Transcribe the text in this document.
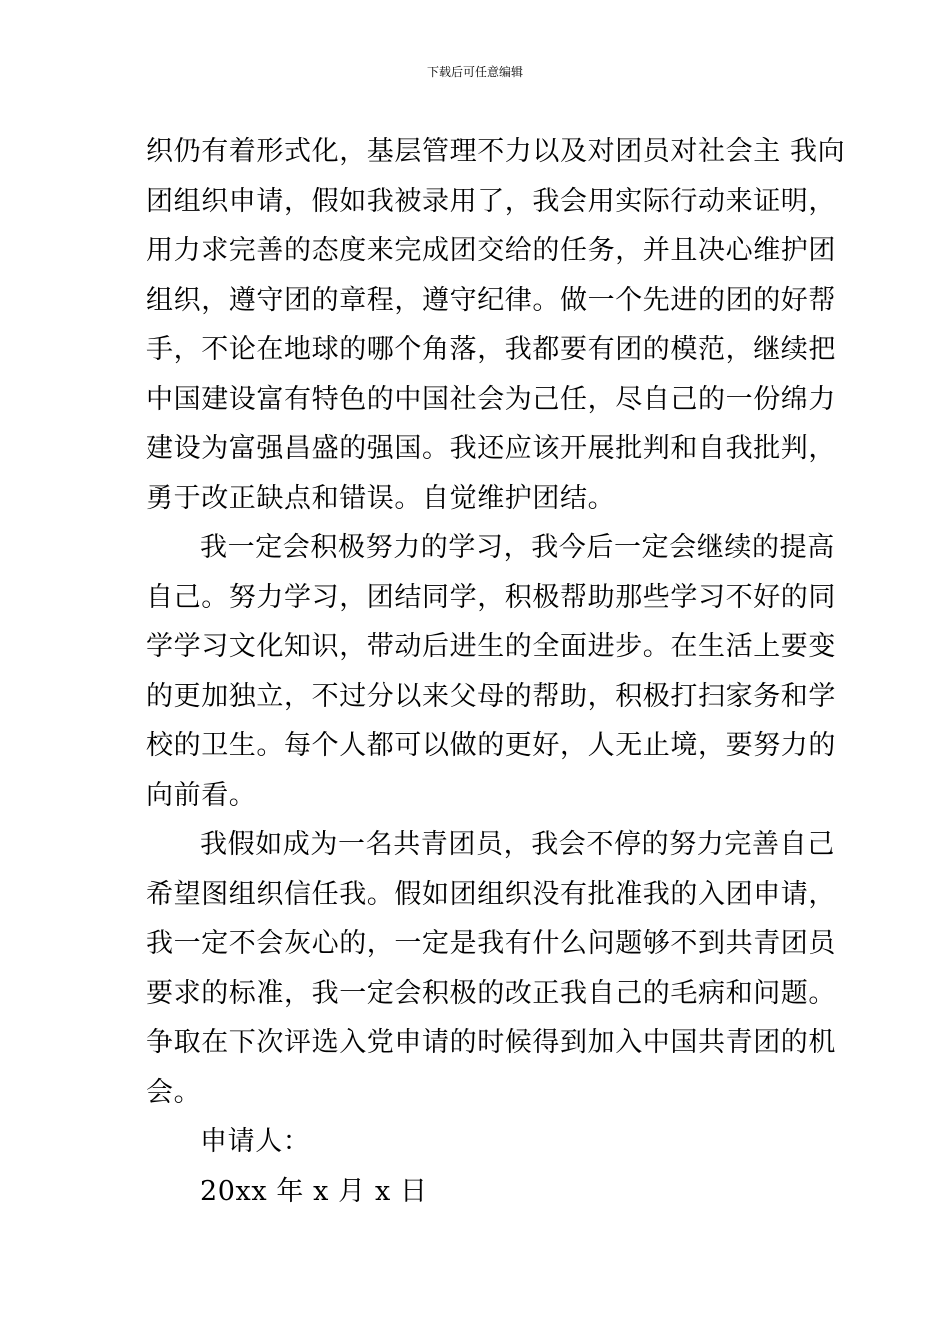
下载后可任意编辑
织仍有着形式化，基层管理不力以及对团员对社会主 我向
团组织申请，假如我被录用了，我会用实际行动来证明，
用力求完善的态度来完成团交给的任务，并且决心维护团
组织，遵守团的章程，遵守纪律。做一个先进的团的好帮
手，不论在地球的哪个角落，我都要有团的模范，继续把
中国建设富有特色的中国社会为己任，尽自己的一份绵力
建设为富强昌盛的强国。我还应该开展批判和自我批判，
勇于改正缺点和错误。自觉维护团结。
我一定会积极努力的学习，我今后一定会继续的提高
自己。努力学习，团结同学，积极帮助那些学习不好的同
学学习文化知识，带动后进生的全面进步。在生活上要变
的更加独立，不过分以来父母的帮助，积极打扫家务和学
校的卫生。每个人都可以做的更好，人无止境，要努力的
向前看。
我假如成为一名共青团员，我会不停的努力完善自己
希望图组织信任我。假如团组织没有批准我的入团申请，
我一定不会灰心的，一定是我有什么问题够不到共青团员
要求的标准，我一定会积极的改正我自己的毛病和问题。
争取在下次评选入党申请的时候得到加入中国共青团的机
会。
申请人：
20xx 年 x 月 x 日
